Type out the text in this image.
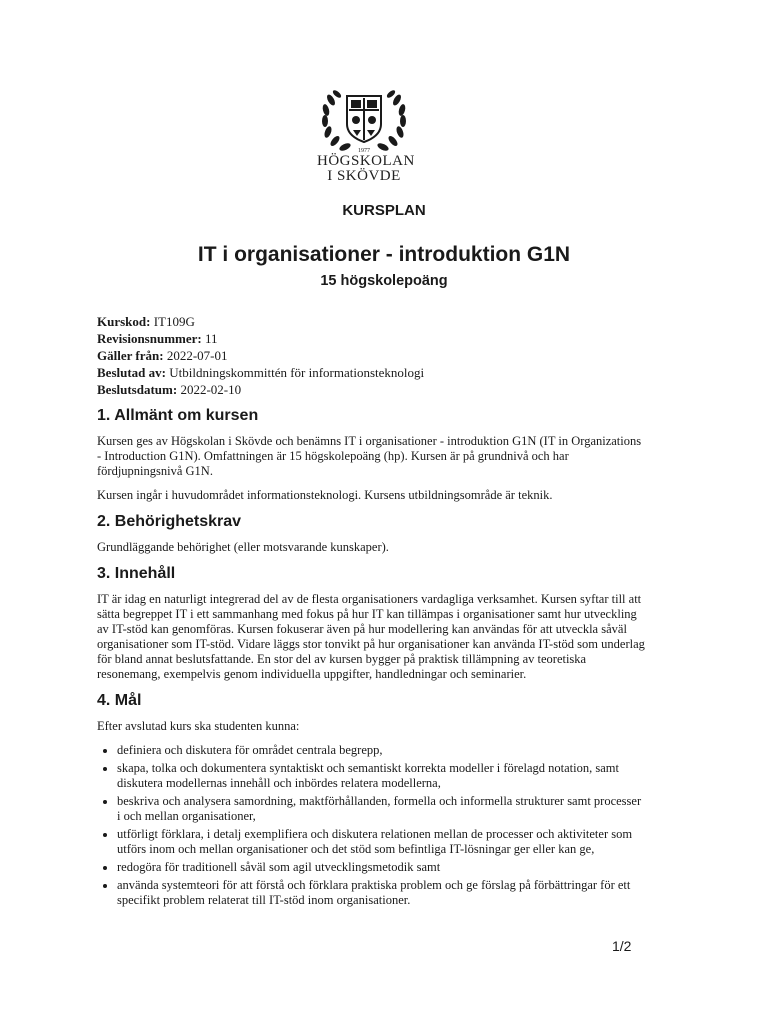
1977
HÖGSKOLAN
I SKÖVDE
KURSPLAN
IT i organisationer - introduktion G1N
15 högskolepoäng
Kurskod: IT109G
Revisionsnummer: 11
Gäller från: 2022-07-01
Beslutad av: Utbildningskommittén för informationsteknologi
Beslutsdatum: 2022-02-10
1. Allmänt om kursen

Kursen ges av Högskolan i Skövde och benämns IT i organisationer - introduktion G1N (IT in Organizations - Introduction G1N). Omfattningen är 15 högskolepoäng (hp). Kursen är på grundnivå och har fördjupningsnivå G1N.

Kursen ingår i huvudområdet informationsteknologi. Kursens utbildningsområde är teknik.

2. Behörighetskrav

Grundläggande behörighet (eller motsvarande kunskaper).

3. Innehåll

IT är idag en naturligt integrerad del av de flesta organisationers vardagliga verksamhet. Kursen syftar till att sätta begreppet IT i ett sammanhang med fokus på hur IT kan tillämpas i organisationer samt hur utveckling av IT-stöd kan genomföras. Kursen fokuserar även på hur modellering kan användas för att utveckla såväl organisationer som IT-stöd. Vidare läggs stor tonvikt på hur organisationer kan använda IT-stöd som underlag för bland annat beslutsfattande. En stor del av kursen bygger på praktisk tillämpning av teoretiska resonemang, exempelvis genom individuella uppgifter, handledningar och seminarier.

4. Mål

Efter avslutad kurs ska studenten kunna:

• definiera och diskutera för området centrala begrepp,
• skapa, tolka och dokumentera syntaktiskt och semantiskt korrekta modeller i förelagd notation, samt diskutera modellernas innehåll och inbördes relatera modellerna,
• beskriva och analysera samordning, maktförhållanden, formella och informella strukturer samt processer i och mellan organisationer,
• utförligt förklara, i detalj exemplifiera och diskutera relationen mellan de processer och aktiviteter som utförs inom och mellan organisationer och det stöd som befintliga IT-lösningar ger eller kan ge,
• redogöra för traditionell såväl som agil utvecklingsmetodik samt
• använda systemteori för att förstå och förklara praktiska problem och ge förslag på förbättringar för ett specifikt problem relaterat till IT-stöd inom organisationer.
1/2
